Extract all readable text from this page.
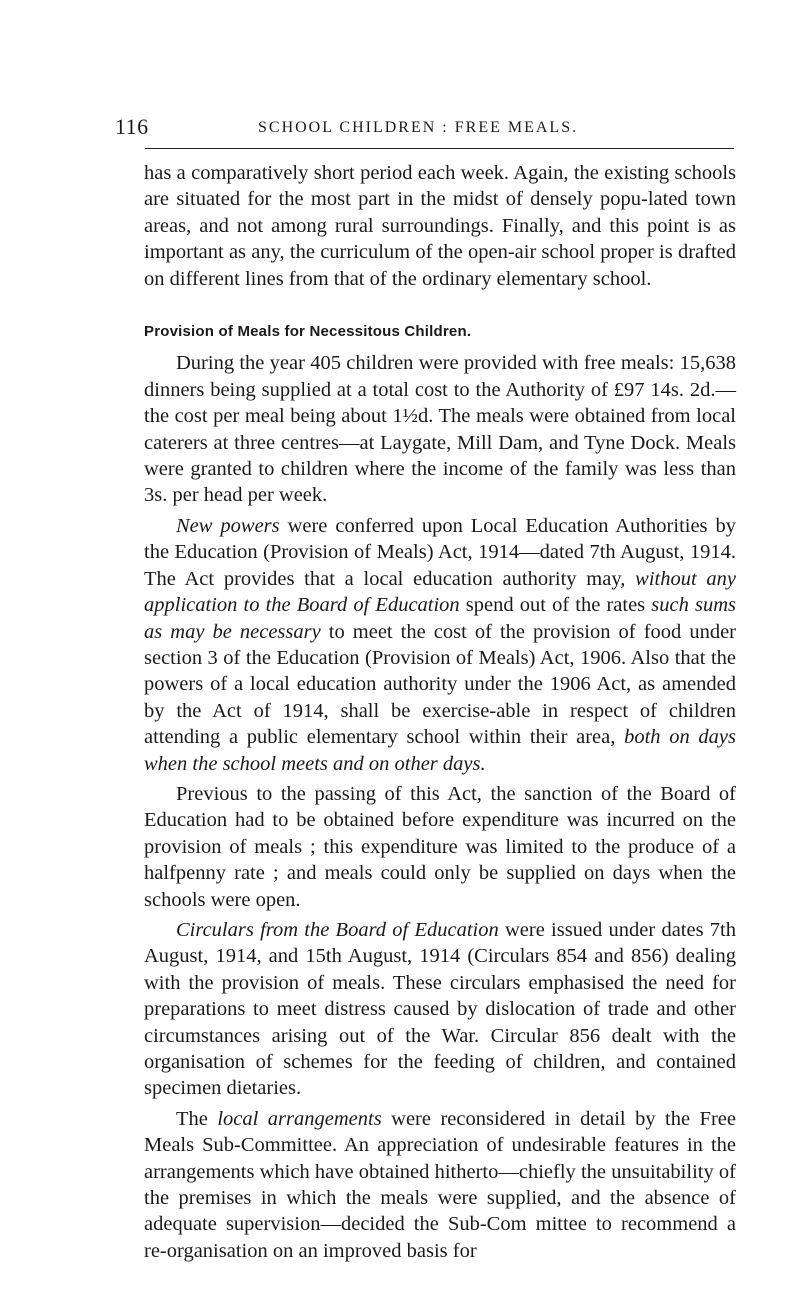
116	SCHOOL CHILDREN : FREE MEALS.

has a comparatively short period each week. Again, the existing schools are situated for the most part in the midst of densely popu-lated town areas, and not among rural surroundings. Finally, and this point is as important as any, the curriculum of the open-air school proper is drafted on different lines from that of the ordinary elementary school.

Provision of Meals for Necessitous Children.

During the year 405 children were provided with free meals: 15,638 dinners being supplied at a total cost to the Authority of £97 14s. 2d.—the cost per meal being about 1½d. The meals were obtained from local caterers at three centres—at Laygate, Mill Dam, and Tyne Dock. Meals were granted to children where the income of the family was less than 3s. per head per week.

New powers were conferred upon Local Education Authorities by the Education (Provision of Meals) Act, 1914—dated 7th August, 1914. The Act provides that a local education authority may, without any application to the Board of Education spend out of the rates such sums as may be necessary to meet the cost of the provision of food under section 3 of the Education (Provision of Meals) Act, 1906. Also that the powers of a local education authority under the 1906 Act, as amended by the Act of 1914, shall be exercise-able in respect of children attending a public elementary school within their area, both on days when the school meets and on other days.

Previous to the passing of this Act, the sanction of the Board of Education had to be obtained before expenditure was incurred on the provision of meals ; this expenditure was limited to the produce of a halfpenny rate ; and meals could only be supplied on days when the schools were open.

Circulars from the Board of Education were issued under dates 7th August, 1914, and 15th August, 1914 (Circulars 854 and 856) dealing with the provision of meals. These circulars emphasised the need for preparations to meet distress caused by dislocation of trade and other circumstances arising out of the War. Circular 856 dealt with the organisation of schemes for the feeding of children, and contained specimen dietaries.

The local arrangements were reconsidered in detail by the Free Meals Sub-Committee. An appreciation of undesirable features in the arrangements which have obtained hitherto—chiefly the unsuitability of the premises in which the meals were supplied, and the absence of adequate supervision—decided the Sub-Com mittee to recommend a re-organisation on an improved basis for
